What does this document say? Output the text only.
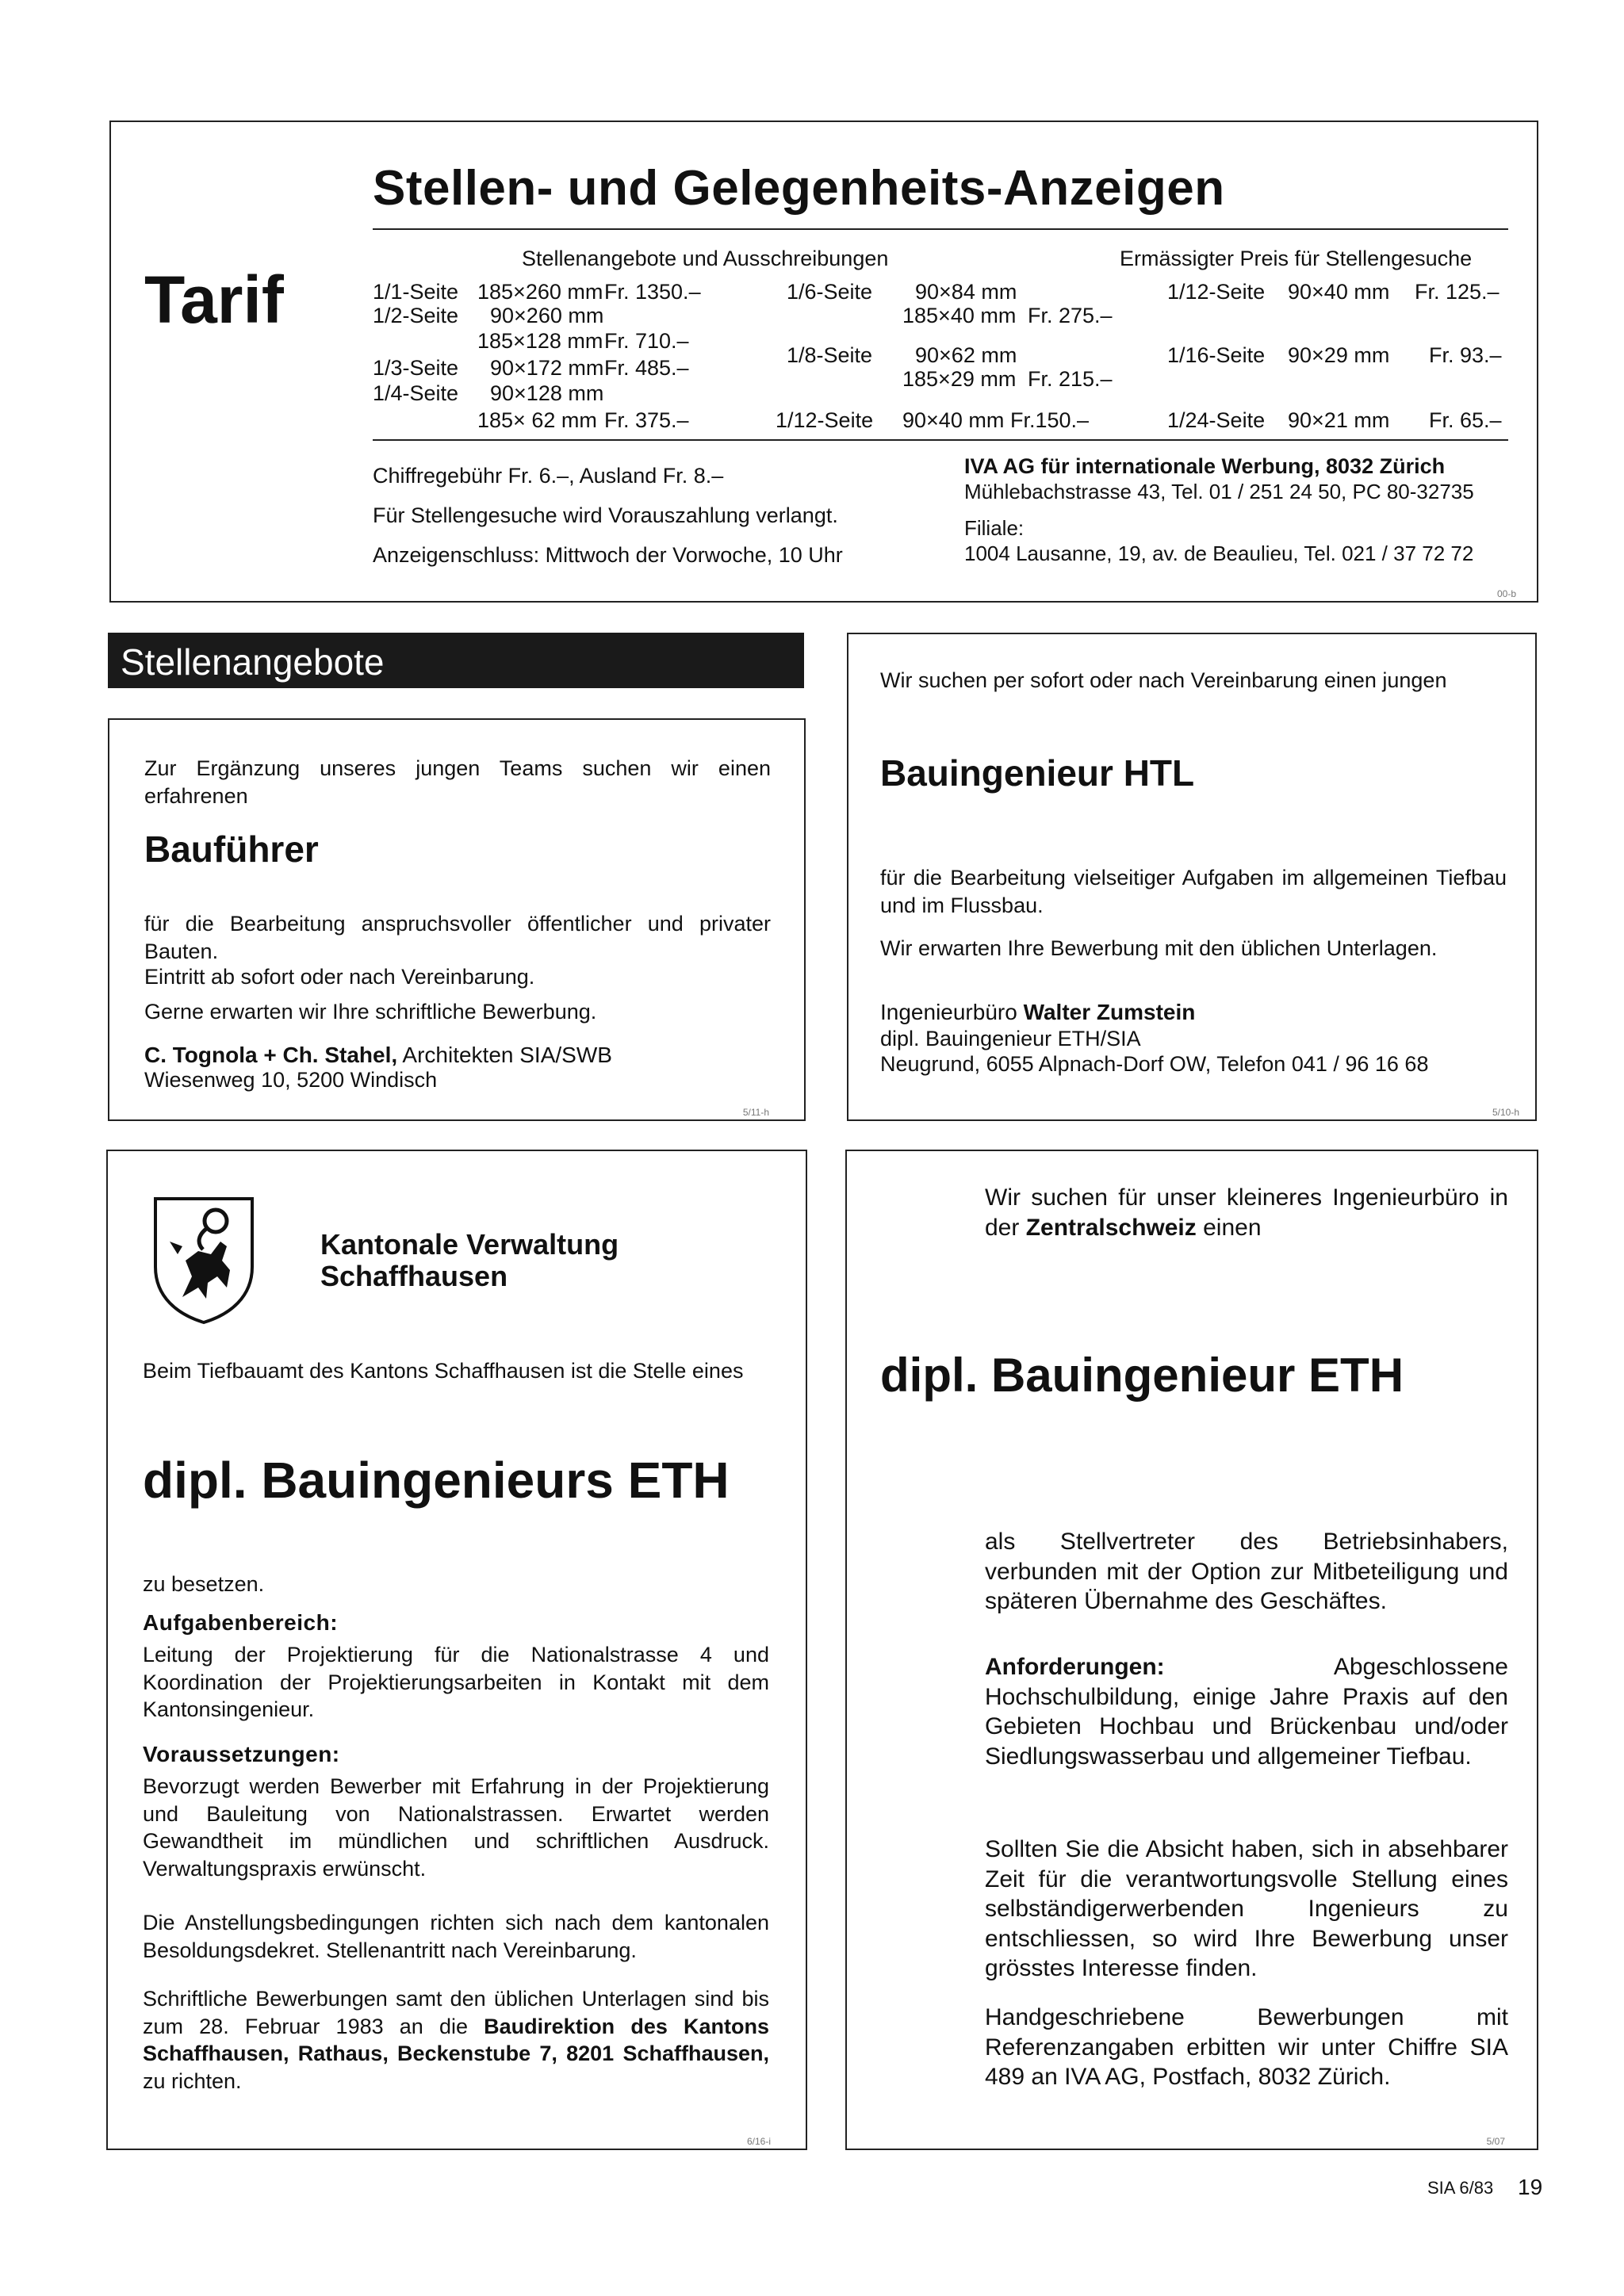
Stellen- und Gelegenheits-Anzeigen
Tarif
Stellenangebote und Ausschreibungen	Ermässigter Preis für Stellengesuche
1/1-Seite 185×260 mm Fr. 1350.–
1/2-Seite 90×260 mm
185×128 mm Fr. 710.–
1/3-Seite 90×172 mm Fr. 485.–
1/4-Seite 90×128 mm
185× 62 mm Fr. 375.–
1/6-Seite 90×84 mm
185×40 mm Fr. 275.–
1/8-Seite 90×62 mm
185×29 mm Fr. 215.–
1/12-Seite 90×40 mm Fr.150.–
1/12-Seite 90×40 mm Fr. 125.–
1/16-Seite 90×29 mm Fr. 93.–
1/24-Seite 90×21 mm Fr. 65.–
Chiffregebühr Fr. 6.–, Ausland Fr. 8.–
Für Stellengesuche wird Vorauszahlung verlangt.
Anzeigenschluss: Mittwoch der Vorwoche, 10 Uhr
IVA AG für internationale Werbung, 8032 Zürich
Mühlebachstrasse 43, Tel. 01 / 251 24 50, PC 80-32735
Filiale:
1004 Lausanne, 19, av. de Beaulieu, Tel. 021 / 37 72 72
00-b
Stellenangebote
Zur Ergänzung unseres jungen Teams suchen wir einen erfahrenen
Bauführer
für die Bearbeitung anspruchsvoller öffentlicher und privater Bauten.
Eintritt ab sofort oder nach Vereinbarung.
Gerne erwarten wir Ihre schriftliche Bewerbung.
C. Tognola + Ch. Stahel, Architekten SIA/SWB
Wiesenweg 10, 5200 Windisch
5/11-h
Wir suchen per sofort oder nach Vereinbarung einen jungen
Bauingenieur HTL
für die Bearbeitung vielseitiger Aufgaben im allgemeinen Tiefbau und im Flussbau.
Wir erwarten Ihre Bewerbung mit den üblichen Unterlagen.
Ingenieurbüro Walter Zumstein
dipl. Bauingenieur ETH/SIA
Neugrund, 6055 Alpnach-Dorf OW, Telefon 041 / 96 16 68
5/10-h
Kantonale Verwaltung
Schaffhausen
Beim Tiefbauamt des Kantons Schaffhausen ist die Stelle eines
dipl. Bauingenieurs ETH
zu besetzen.
Aufgabenbereich:
Leitung der Projektierung für die Nationalstrasse 4 und Koordination der Projektierungsarbeiten in Kontakt mit dem Kantonsingenieur.
Voraussetzungen:
Bevorzugt werden Bewerber mit Erfahrung in der Projektierung und Bauleitung von Nationalstrassen. Erwartet werden Gewandtheit im mündlichen und schriftlichen Ausdruck. Verwaltungspraxis erwünscht.
Die Anstellungsbedingungen richten sich nach dem kantonalen Besoldungsdekret. Stellenantritt nach Vereinbarung.
Schriftliche Bewerbungen samt den üblichen Unterlagen sind bis zum 28. Februar 1983 an die Baudirektion des Kantons Schaffhausen, Rathaus, Beckenstube 7, 8201 Schaffhausen, zu richten.
6/16-i
Wir suchen für unser kleineres Ingenieurbüro in der Zentralschweiz einen
dipl. Bauingenieur ETH
als Stellvertreter des Betriebsinhabers, verbunden mit der Option zur Mitbeteiligung und späteren Übernahme des Geschäftes.
Anforderungen: Abgeschlossene Hochschulbildung, einige Jahre Praxis auf den Gebieten Hochbau und Brückenbau und/oder Siedlungswasserbau und allgemeiner Tiefbau.
Sollten Sie die Absicht haben, sich in absehbarer Zeit für die verantwortungsvolle Stellung eines selbständigerwerbenden Ingenieurs zu entschliessen, so wird Ihre Bewerbung unser grösstes Interesse finden.
Handgeschriebene Bewerbungen mit Referenzangaben erbitten wir unter Chiffre SIA 489 an IVA AG, Postfach, 8032 Zürich.
5/07
SIA 6/83 19
